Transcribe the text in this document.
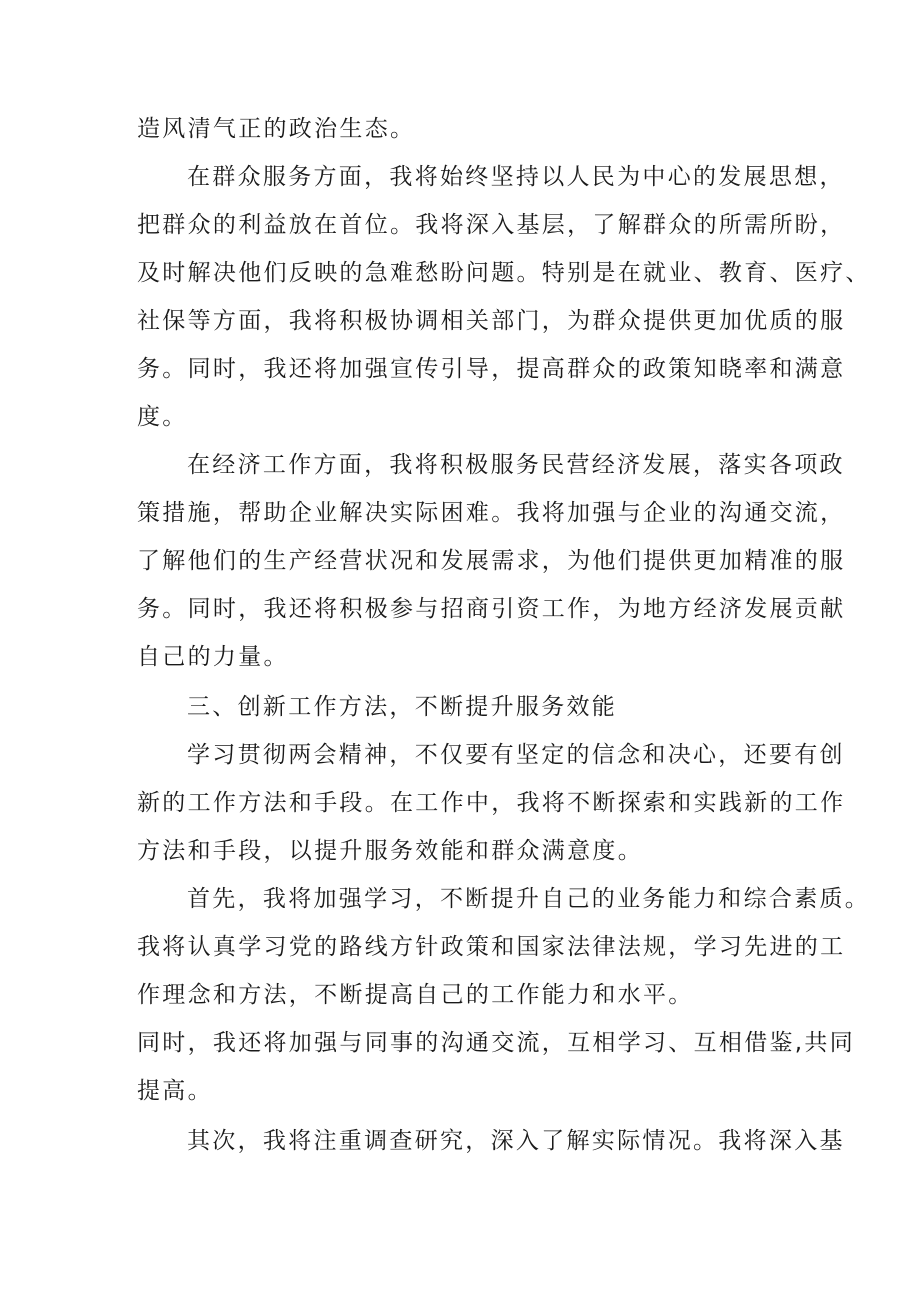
造风清气正的政治生态。
在群众服务方面，我将始终坚持以人民为中心的发展思想，
把群众的利益放在首位。我将深入基层，了解群众的所需所盼，
及时解决他们反映的急难愁盼问题。特别是在就业、教育、医疗、
社保等方面，我将积极协调相关部门，为群众提供更加优质的服
务。同时，我还将加强宣传引导，提高群众的政策知晓率和满意
度。
在经济工作方面，我将积极服务民营经济发展，落实各项政
策措施，帮助企业解决实际困难。我将加强与企业的沟通交流，
了解他们的生产经营状况和发展需求，为他们提供更加精准的服
务。同时，我还将积极参与招商引资工作，为地方经济发展贡献
自己的力量。
三、创新工作方法，不断提升服务效能
学习贯彻两会精神，不仅要有坚定的信念和决心，还要有创
新的工作方法和手段。在工作中，我将不断探索和实践新的工作
方法和手段，以提升服务效能和群众满意度。
首先，我将加强学习，不断提升自己的业务能力和综合素质。
我将认真学习党的路线方针政策和国家法律法规，学习先进的工
作理念和方法，不断提高自己的工作能力和水平。
同时，我还将加强与同事的沟通交流，互相学习、互相借鉴,共同
提高。
其次，我将注重调查研究，深入了解实际情况。我将深入基
